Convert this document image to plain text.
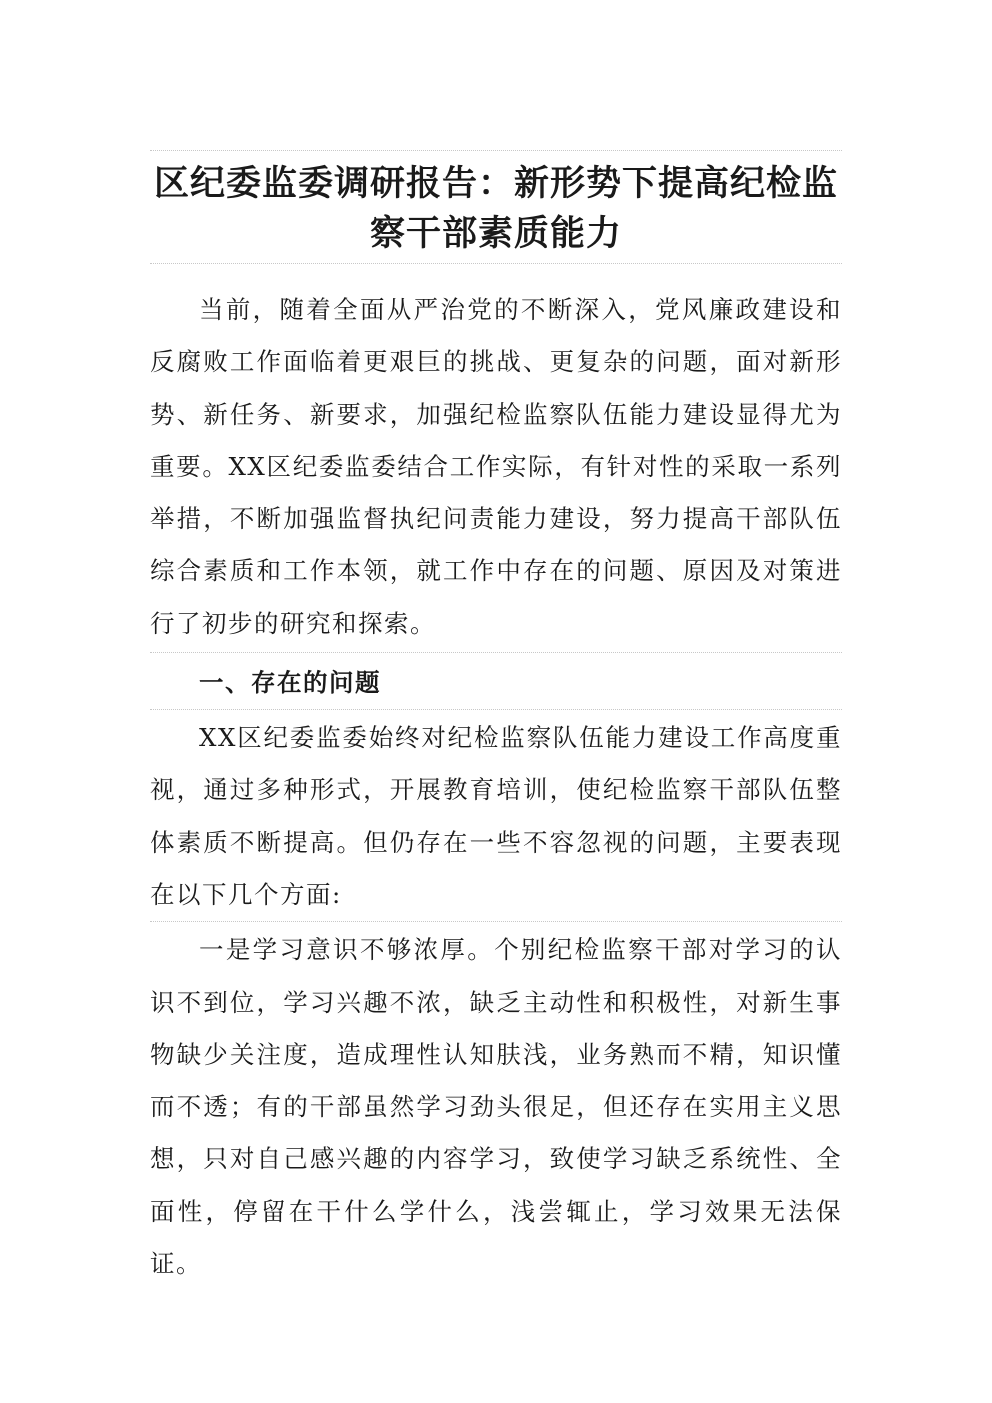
区纪委监委调研报告：新形势下提高纪检监察干部素质能力

当前，随着全面从严治党的不断深入，党风廉政建设和反腐败工作面临着更艰巨的挑战、更复杂的问题，面对新形势、新任务、新要求，加强纪检监察队伍能力建设显得尤为重要。XX区纪委监委结合工作实际，有针对性的采取一系列举措，不断加强监督执纪问责能力建设，努力提高干部队伍综合素质和工作本领，就工作中存在的问题、原因及对策进行了初步的研究和探索。

一、存在的问题

XX区纪委监委始终对纪检监察队伍能力建设工作高度重视，通过多种形式，开展教育培训，使纪检监察干部队伍整体素质不断提高。但仍存在一些不容忽视的问题，主要表现在以下几个方面:

一是学习意识不够浓厚。个别纪检监察干部对学习的认识不到位，学习兴趣不浓，缺乏主动性和积极性，对新生事物缺少关注度，造成理性认知肤浅，业务熟而不精，知识懂而不透；有的干部虽然学习劲头很足，但还存在实用主义思想，只对自己感兴趣的内容学习，致使学习缺乏系统性、全面性，停留在干什么学什么，浅尝辄止，学习效果无法保证。
